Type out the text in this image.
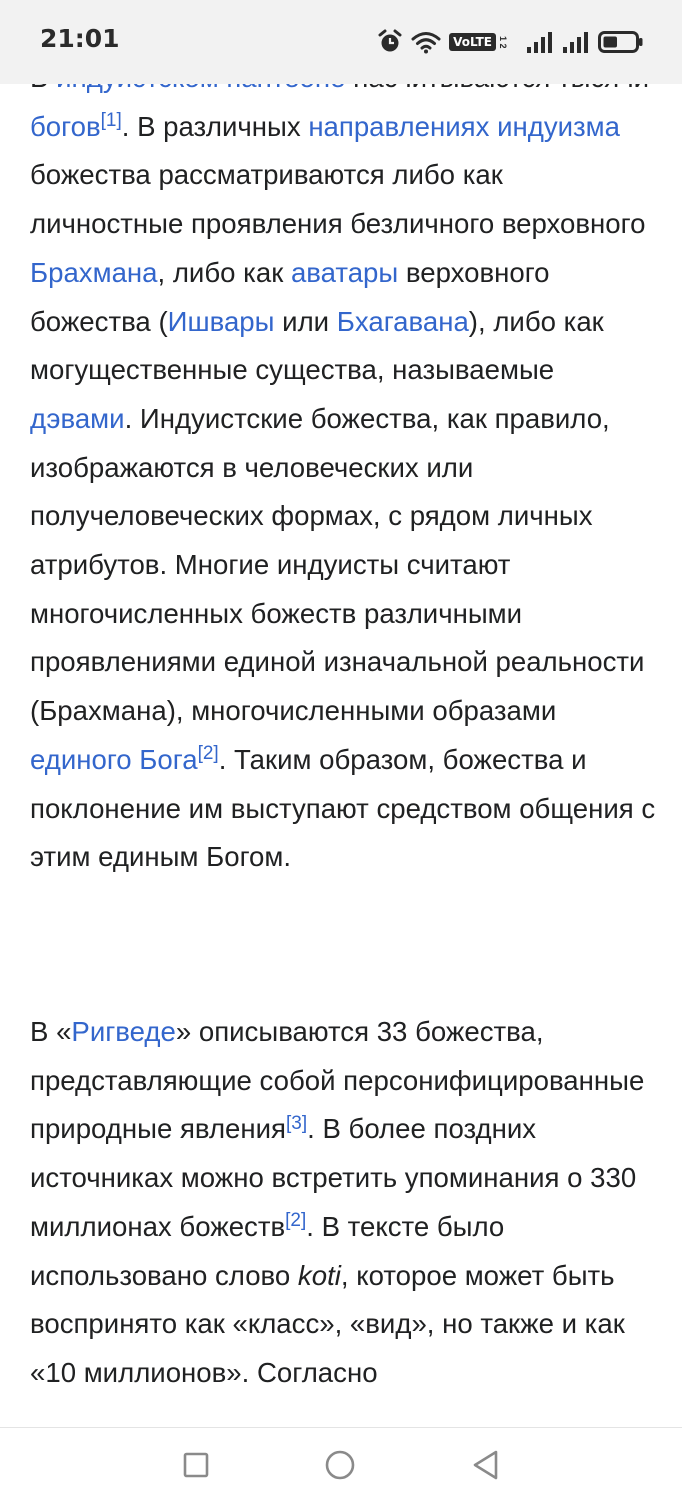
21:01	VoLTE 1 2

богов[1]. В различных направлениях индуизма божества рассматриваются либо как личностные проявления безличного верховного Брахмана, либо как аватары верховного божества (Ишвары или Бхагавана), либо как могущественные существа, называемые дэвами. Индуистские божества, как правило, изображаются в человеческих или получеловеческих формах, с рядом личных атрибутов. Многие индуисты считают многочисленных божеств различными проявлениями единой изначальной реальности (Брахмана), многочисленными образами единого Бога[2]. Таким образом, божества и поклонение им выступают средством общения с этим единым Богом.

В «Ригведе» описываются 33 божества, представляющие собой персонифицированные природные явления[3]. В более поздних источниках можно встретить упоминания о 330 миллионах божеств[2]. В тексте было использовано слово koti, которое может быть воспринято как «класс», «вид», но также и как «10 миллионов». Согласно
